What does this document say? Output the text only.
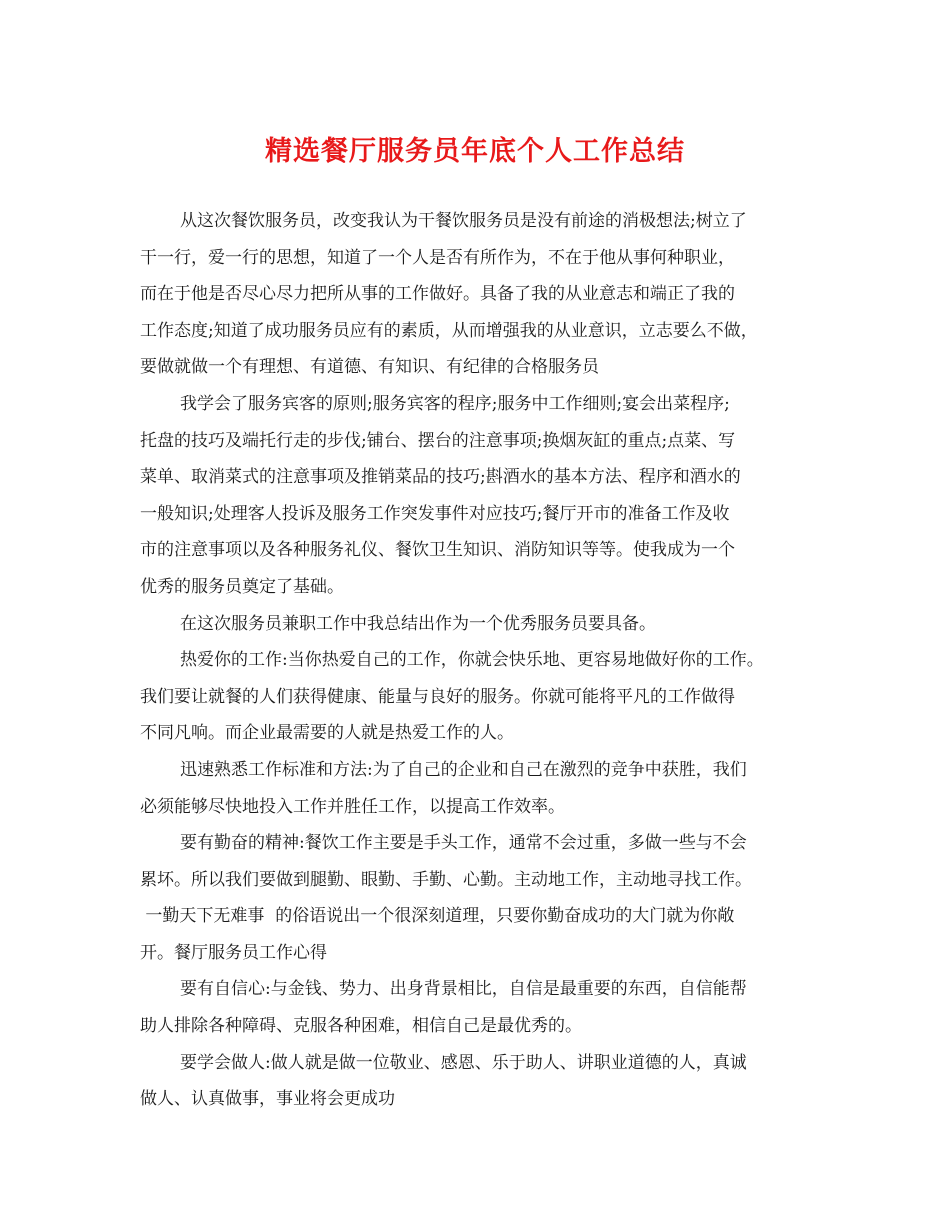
精选餐厅服务员年底个人工作总结

从这次餐饮服务员，改变我认为干餐饮服务员是没有前途的消极想法;树立了

干一行，爱一行的思想，知道了一个人是否有所作为，不在于他从事何种职业，

而在于他是否尽心尽力把所从事的工作做好。具备了我的从业意志和端正了我的

工作态度;知道了成功服务员应有的素质，从而增强我的从业意识，立志要么不做，

要做就做一个有理想、有道德、有知识、有纪律的合格服务员

我学会了服务宾客的原则;服务宾客的程序;服务中工作细则;宴会出菜程序;

托盘的技巧及端托行走的步伐;铺台、摆台的注意事项;换烟灰缸的重点;点菜、写

菜单、取消菜式的注意事项及推销菜品的技巧;斟酒水的基本方法、程序和酒水的

一般知识;处理客人投诉及服务工作突发事件对应技巧;餐厅开市的准备工作及收

市的注意事项以及各种服务礼仪、餐饮卫生知识、消防知识等等。使我成为一个

优秀的服务员奠定了基础。

在这次服务员兼职工作中我总结出作为一个优秀服务员要具备。

热爱你的工作:当你热爱自己的工作，你就会快乐地、更容易地做好你的工作。

我们要让就餐的人们获得健康、能量与良好的服务。你就可能将平凡的工作做得

不同凡响。而企业最需要的人就是热爱工作的人。

迅速熟悉工作标准和方法:为了自己的企业和自己在激烈的竞争中获胜，我们

必须能够尽快地投入工作并胜任工作，以提高工作效率。

要有勤奋的精神:餐饮工作主要是手头工作，通常不会过重，多做一些与不会

累坏。所以我们要做到腿勤、眼勤、手勤、心勤。主动地工作，主动地寻找工作。

一勤天下无难事  的俗语说出一个很深刻道理，只要你勤奋成功的大门就为你敞

开。餐厅服务员工作心得

要有自信心:与金钱、势力、出身背景相比，自信是最重要的东西，自信能帮

助人排除各种障碍、克服各种困难，相信自己是最优秀的。

要学会做人:做人就是做一位敬业、感恩、乐于助人、讲职业道德的人，真诚

做人、认真做事，事业将会更成功
